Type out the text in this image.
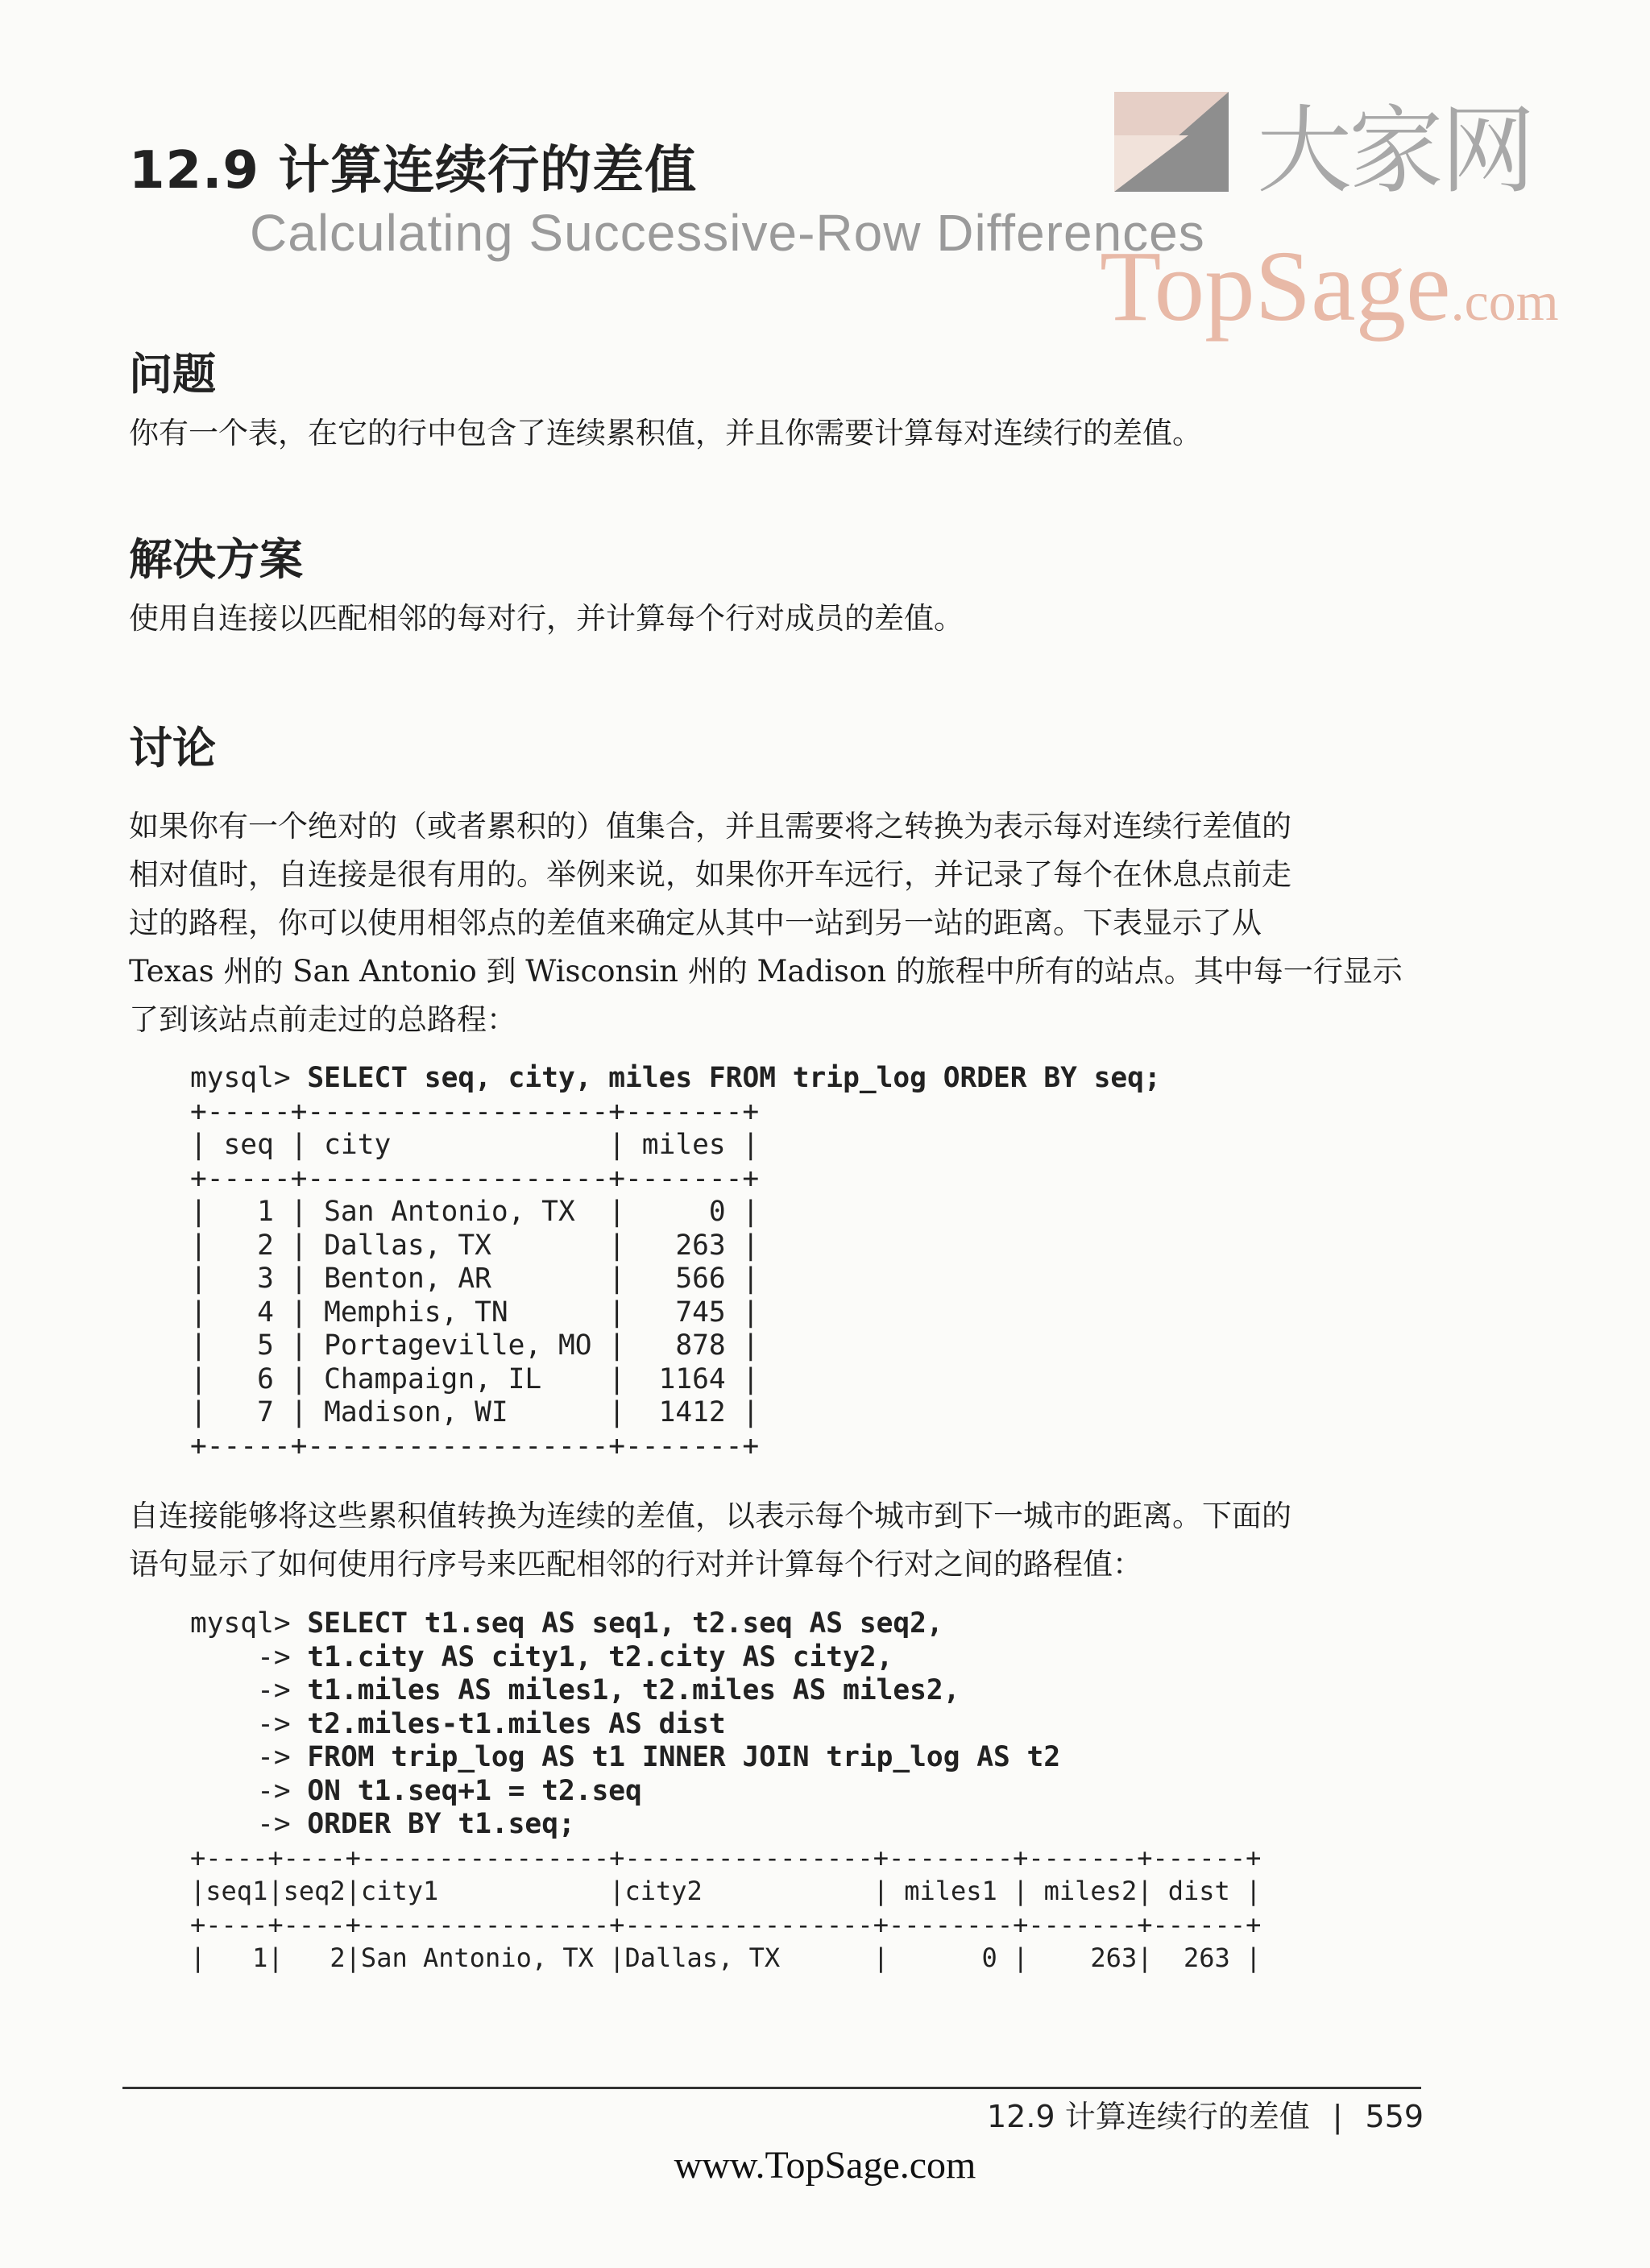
大家网
TopSage.com
12.9 计算连续行的差值
Calculating Successive-Row Differences
问题
你有一个表，在它的行中包含了连续累积值，并且你需要计算每对连续行的差值。
解决方案
使用自连接以匹配相邻的每对行，并计算每个行对成员的差值。
讨论
如果你有一个绝对的（或者累积的）值集合，并且需要将之转换为表示每对连续行差值的
相对值时，自连接是很有用的。举例来说，如果你开车远行，并记录了每个在休息点前走
过的路程，你可以使用相邻点的差值来确定从其中一站到另一站的距离。下表显示了从
Texas 州的 San Antonio 到 Wisconsin 州的 Madison 的旅程中所有的站点。其中每一行显示
了到该站点前走过的总路程：
mysql> SELECT seq, city, miles FROM trip_log ORDER BY seq;
+-----+------------------+-------+
| seq | city             | miles |
+-----+------------------+-------+
|   1 | San Antonio, TX  |     0 |
|   2 | Dallas, TX       |   263 |
|   3 | Benton, AR       |   566 |
|   4 | Memphis, TN      |   745 |
|   5 | Portageville, MO |   878 |
|   6 | Champaign, IL    |  1164 |
|   7 | Madison, WI      |  1412 |
+-----+------------------+-------+
自连接能够将这些累积值转换为连续的差值，以表示每个城市到下一城市的距离。下面的
语句显示了如何使用行序号来匹配相邻的行对并计算每个行对之间的路程值：
mysql> SELECT t1.seq AS seq1, t2.seq AS seq2,
-> t1.city AS city1, t2.city AS city2,
-> t1.miles AS miles1, t2.miles AS miles2,
-> t2.miles-t1.miles AS dist
-> FROM trip_log AS t1 INNER JOIN trip_log AS t2
-> ON t1.seq+1 = t2.seq
-> ORDER BY t1.seq;
+----+----+----------------+----------------+--------+-------+------+
|seq1|seq2|city1           |city2           | miles1 | miles2| dist |
+----+----+----------------+----------------+--------+-------+------+
|   1|   2|San Antonio, TX |Dallas, TX      |      0 |    263|  263 |
12.9 计算连续行的差值 | 559
www.TopSage.com
